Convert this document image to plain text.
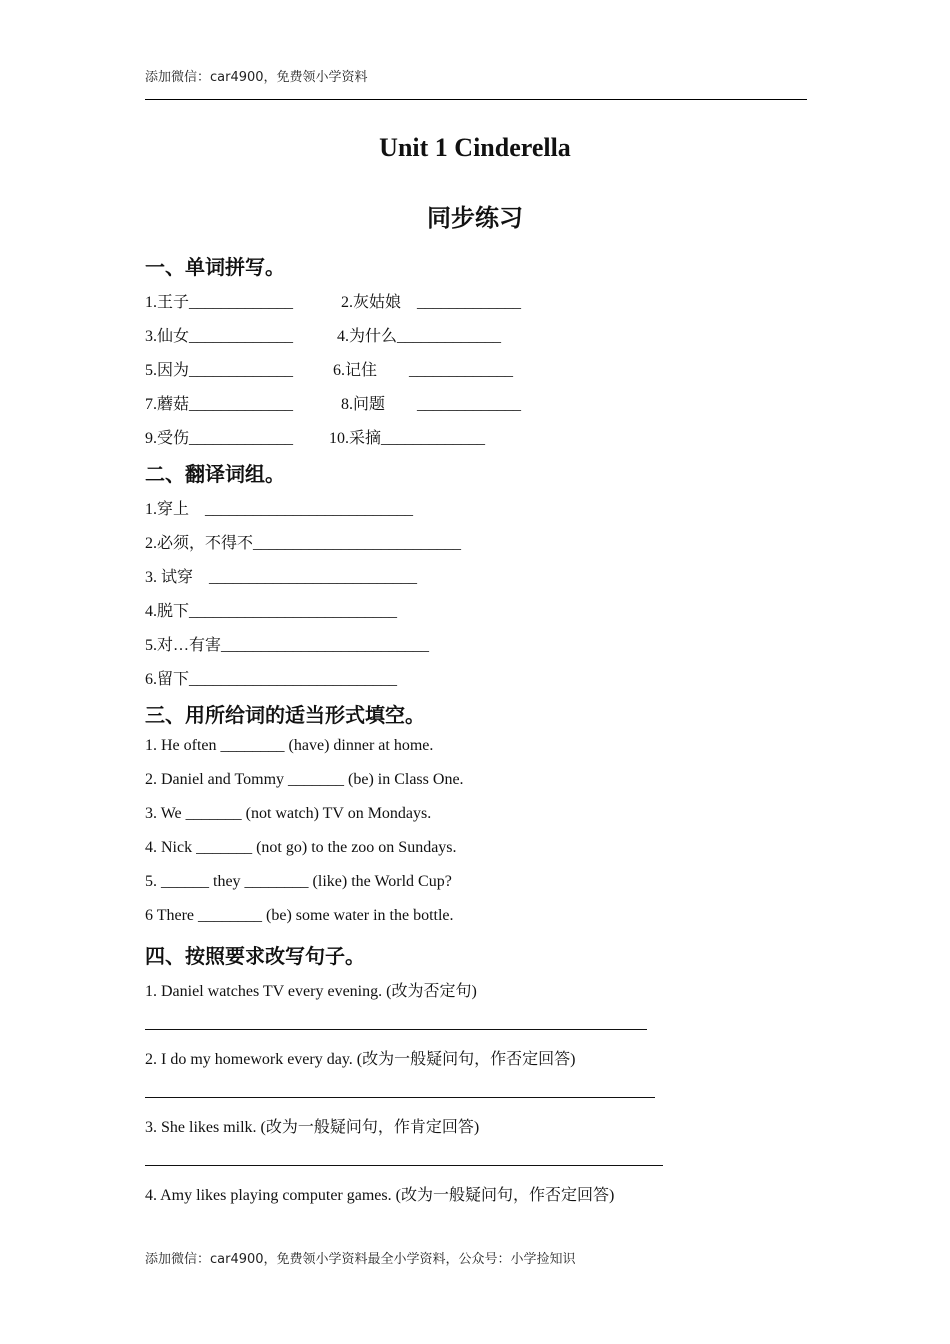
添加微信：car4900，免费领小学资料
Unit 1 Cinderella
同步练习
一、单词拼写。
1.王子_____________	2.灰姑娘　_____________
3.仙女_____________	4.为什么_____________
5.因为_____________ 6.记住　　_____________
7.蘑菇_____________	8.问题　　_____________
9.受伤_____________ 10.采摘_____________
二、翻译词组。
1.穿上　__________________________
2.必须，不得不__________________________
3. 试穿　__________________________
4.脱下__________________________
5.对…有害__________________________
6.留下__________________________
三、用所给词的适当形式填空。
1. He often ________ (have) dinner at home.
2. Daniel and Tommy _______ (be) in Class One.
3. We _______ (not watch) TV on Mondays.
4. Nick _______ (not go) to the zoo on Sundays.
5. ______ they ________ (like) the World Cup?
6 There ________ (be) some water in the bottle.
四、按照要求改写句子。
1. Daniel watches TV every evening. (改为否定句)
2. I do my homework every day. (改为一般疑问句，作否定回答)
3. She likes milk. (改为一般疑问句，作肯定回答)
4. Amy likes playing computer games. (改为一般疑问句，作否定回答)
添加微信：car4900，免费领小学资料最全小学资料，公众号：小学捡知识
